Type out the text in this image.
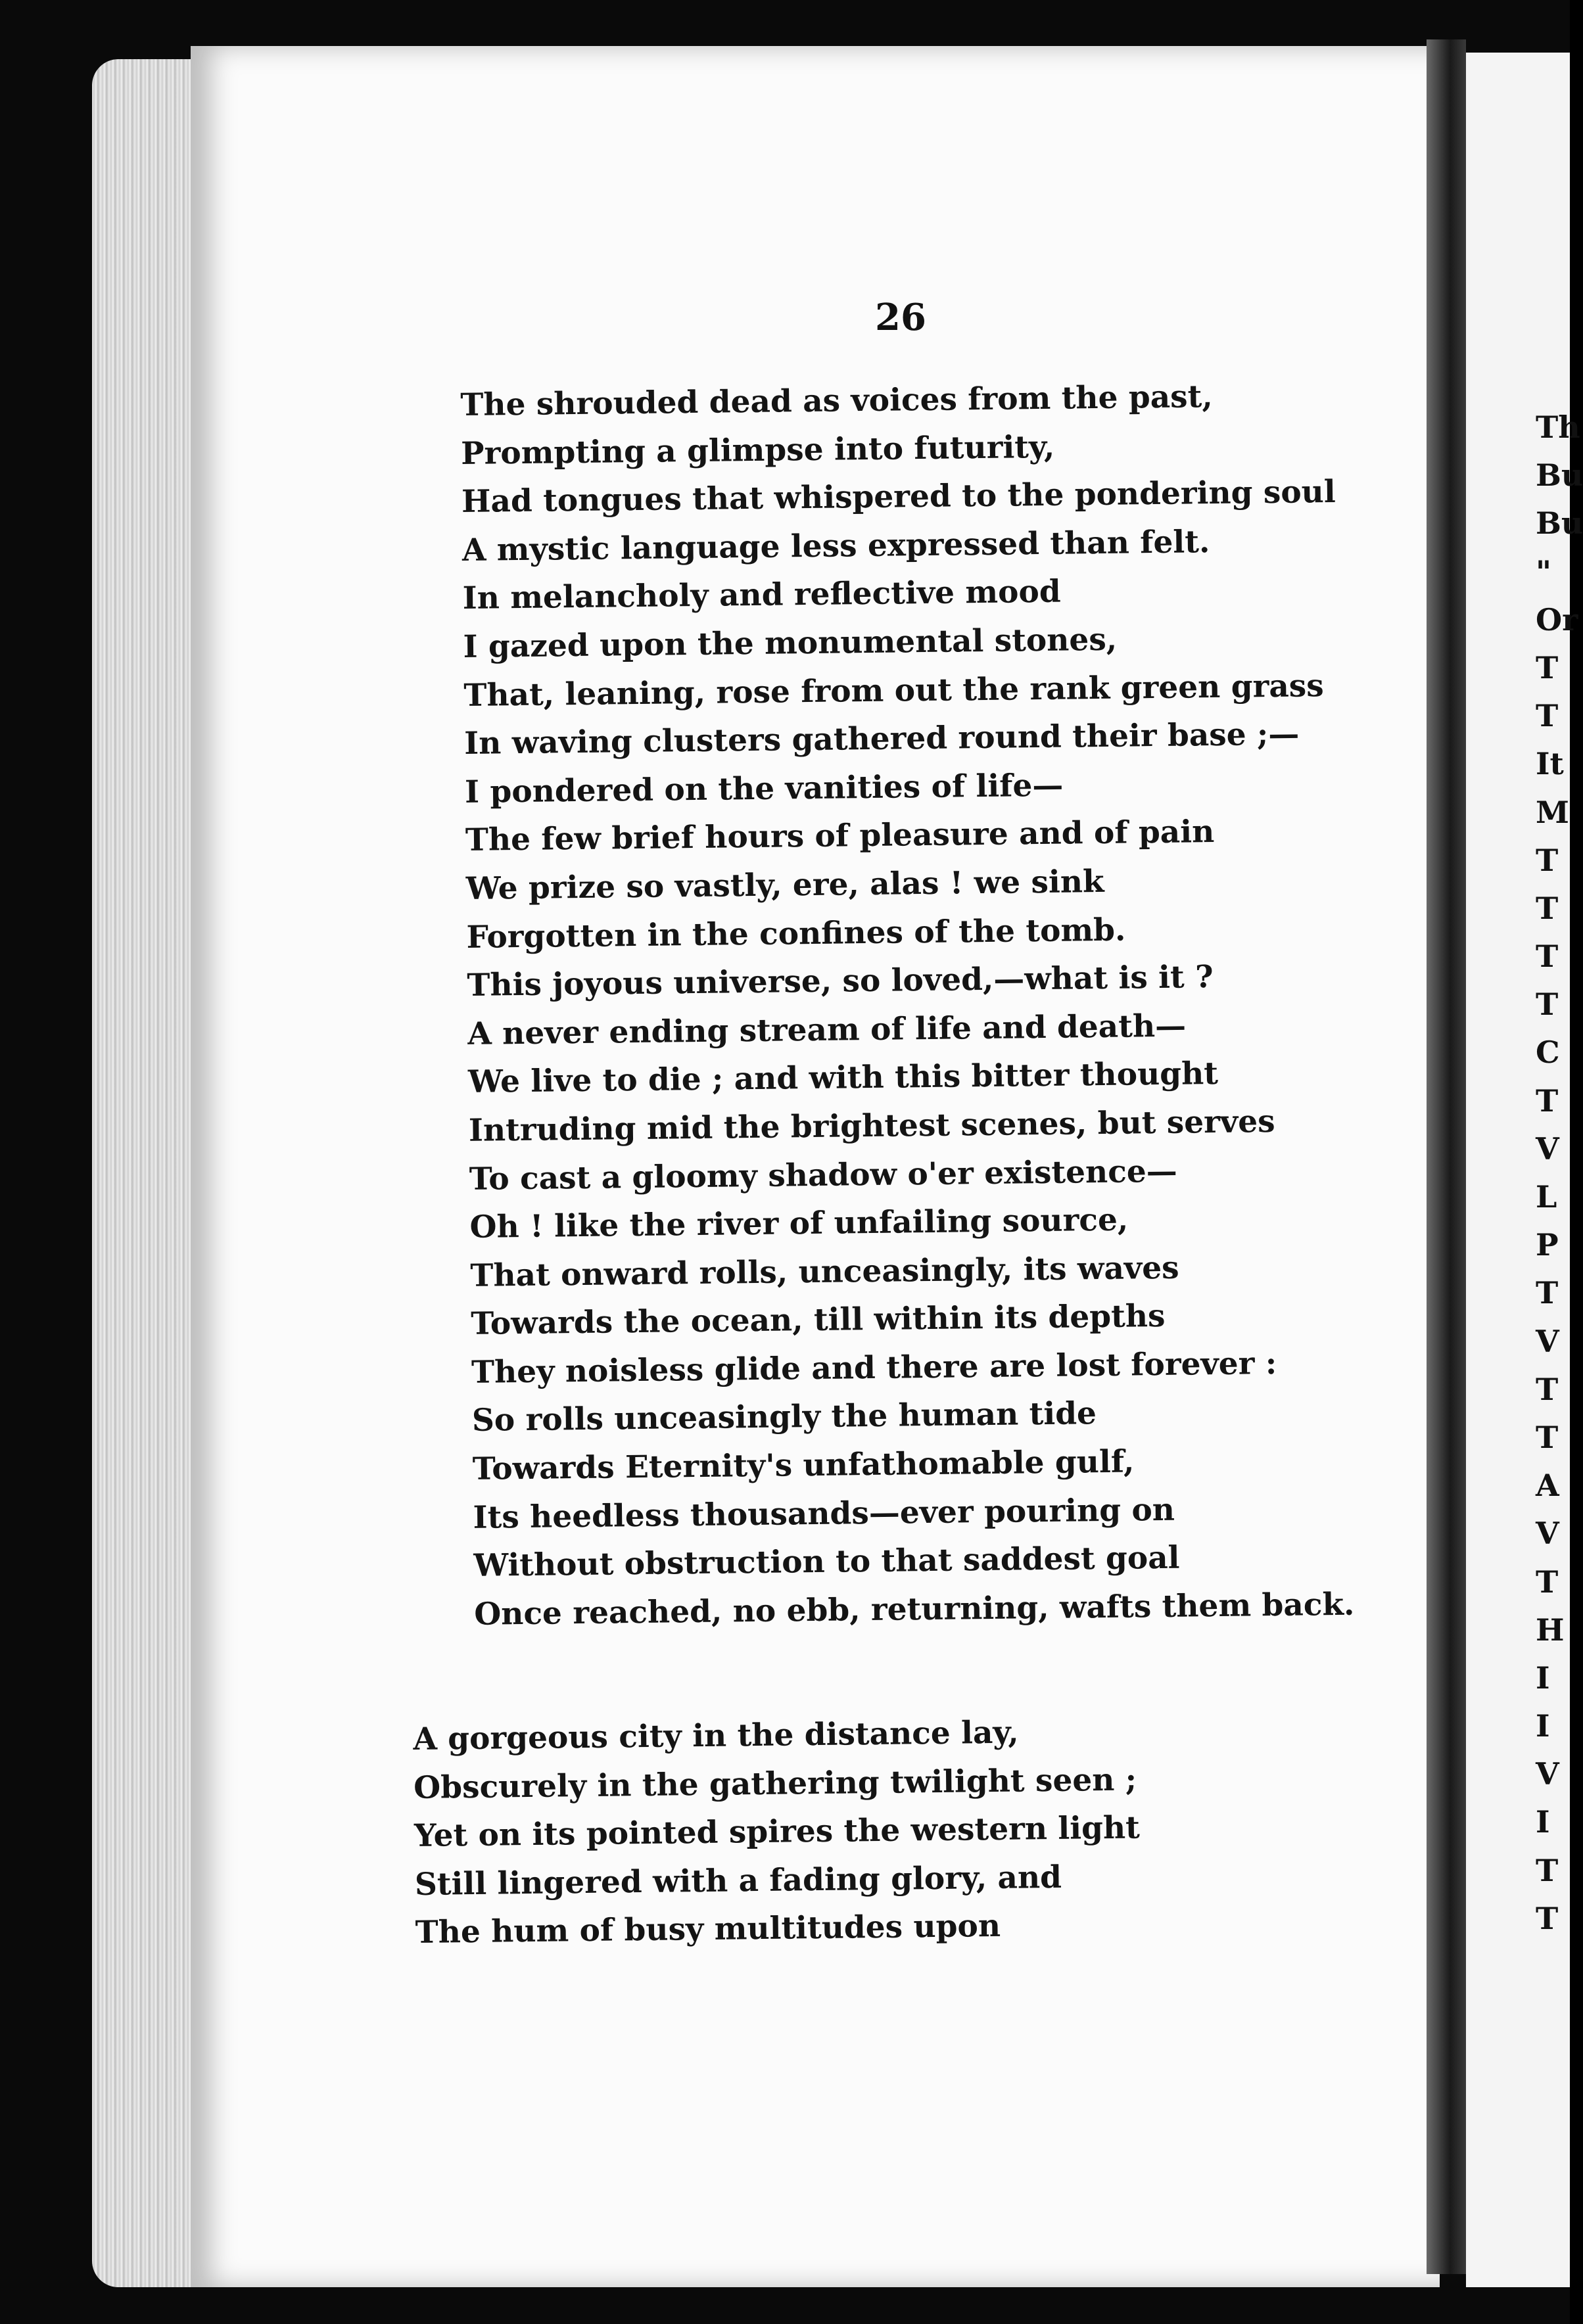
26
The shrouded dead as voices from the past,
Prompting a glimpse into futurity,
Had tongues that whispered to the pondering soul
A mystic language less expressed than felt.
In melancholy and reflective mood
I gazed upon the monumental stones,
That, leaning, rose from out the rank green grass
In waving clusters gathered round their base ;—
I pondered on the vanities of life—
The few brief hours of pleasure and of pain
We prize so vastly, ere, alas ! we sink
Forgotten in the confines of the tomb.
This joyous universe, so loved,—what is it ?
A never ending stream of life and death—
We live to die ; and with this bitter thought
Intruding mid the brightest scenes, but serves
To cast a gloomy shadow o'er existence—
Oh ! like the river of unfailing source,
That onward rolls, unceasingly, its waves
Towards the ocean, till within its depths
They noisless glide and there are lost forever :
So rolls unceasingly the human tide
Towards Eternity's unfathomable gulf,
Its heedless thousands—ever pouring on
Without obstruction to that saddest goal
Once reached, no ebb, returning, wafts them back.
A gorgeous city in the distance lay,
Obscurely in the gathering twilight seen ;
Yet on its pointed spires the western light
Still lingered with a fading glory, and
The hum of busy multitudes upon
Th
Bu
Bu
"
Or
T
T
It
M
T
T
T
T
C
T
V
L
P
T
V
T
T
A
V
T
H
I
I
V
I
T
T
